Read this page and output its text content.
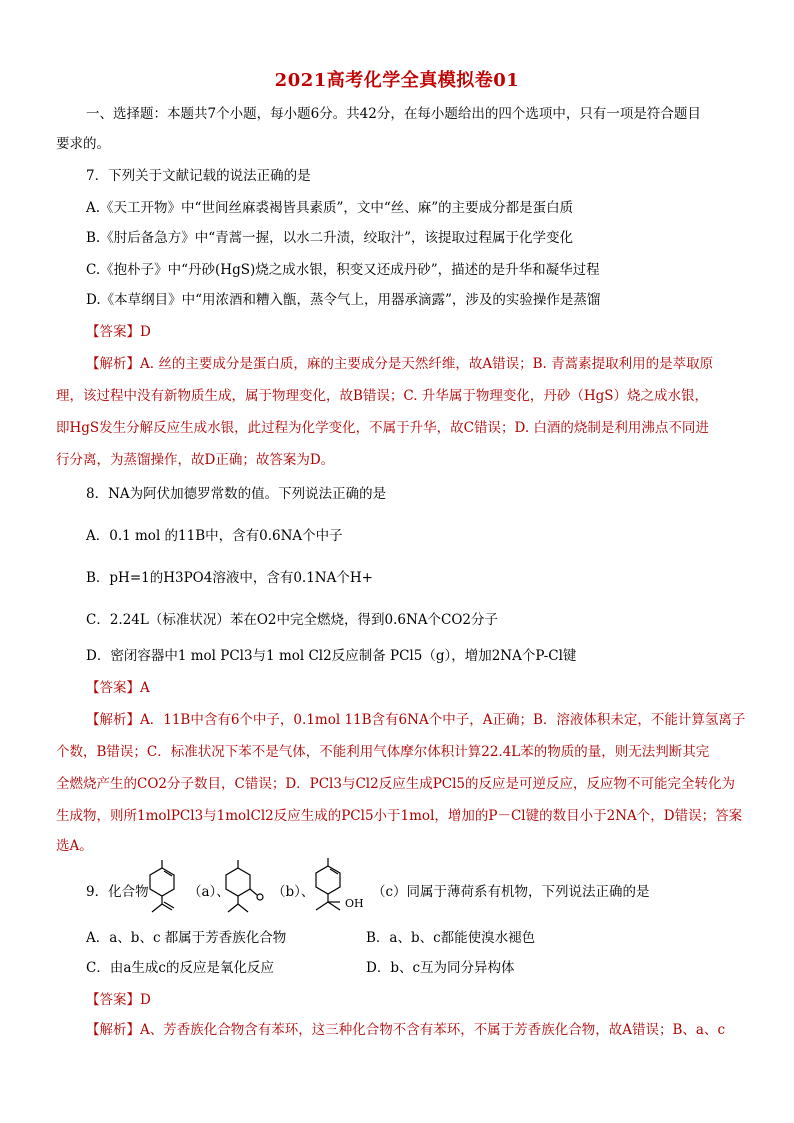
2021高考化学全真模拟卷01
一、选择题：本题共7个小题，每小题6分。共42分，在每小题给出的四个选项中，只有一项是符合题目
要求的。
7．下列关于文献记载的说法正确的是
A.《天工开物》中“世间丝麻裘褐皆具素质”，文中“丝、麻”的主要成分都是蛋白质
B.《肘后备急方》中“青蒿一握，以水二升渍，绞取汁”，该提取过程属于化学变化
C.《抱朴子》中“丹砂(HgS)烧之成水银，积变又还成丹砂”，描述的是升华和凝华过程
D.《本草纲目》中“用浓酒和糟入甑，蒸令气上，用器承滴露”，涉及的实验操作是蒸馏
【答案】D
【解析】A. 丝的主要成分是蛋白质，麻的主要成分是天然纤维，故A错误；B. 青蒿素提取利用的是萃取原
理，该过程中没有新物质生成，属于物理变化，故B错误；C. 升华属于物理变化，丹砂（HgS）烧之成水银，
即HgS发生分解反应生成水银，此过程为化学变化，不属于升华，故C错误；D. 白酒的烧制是利用沸点不同进
行分离，为蒸馏操作，故D正确；故答案为D。
8．NA为阿伏加德罗常数的值。下列说法正确的是
A．0.1 mol 的11B中，含有0.6NA个中子
B．pH=1的H3PO4溶液中，含有0.1NA个H+
C．2.24L（标准状况）苯在O2中完全燃烧，得到0.6NA个CO2分子
D．密闭容器中1 mol PCl3与1 mol Cl2反应制备 PCl5（g），增加2NA个P-Cl键
【答案】A
【解析】A．11B中含有6个中子，0.1mol 11B含有6NA个中子，A正确；B．溶液体积未定，不能计算氢离子
个数，B错误；C．标准状况下苯不是气体，不能利用气体摩尔体积计算22.4L苯的物质的量，则无法判断其完
全燃烧产生的CO2分子数目，C错误；D．PCl3与Cl2反应生成PCl5的反应是可逆反应，反应物不可能完全转化为
生成物，则所1molPCl3与1molCl2反应生成的PCl5小于1mol，增加的P－Cl键的数目小于2NA个，D错误；答案
选A。
9．化合物	（a）、	（b）、
OH
（c）同属于薄荷系有机物，下列说法正确的是
A．a、b、c 都属于芳香族化合物	B．a、b、c都能使溴水褪色
C．由a生成c的反应是氧化反应	D．b、c互为同分异构体
【答案】D
【解析】A、芳香族化合物含有苯环，这三种化合物不含有苯环，不属于芳香族化合物，故A错误；B、a、c
